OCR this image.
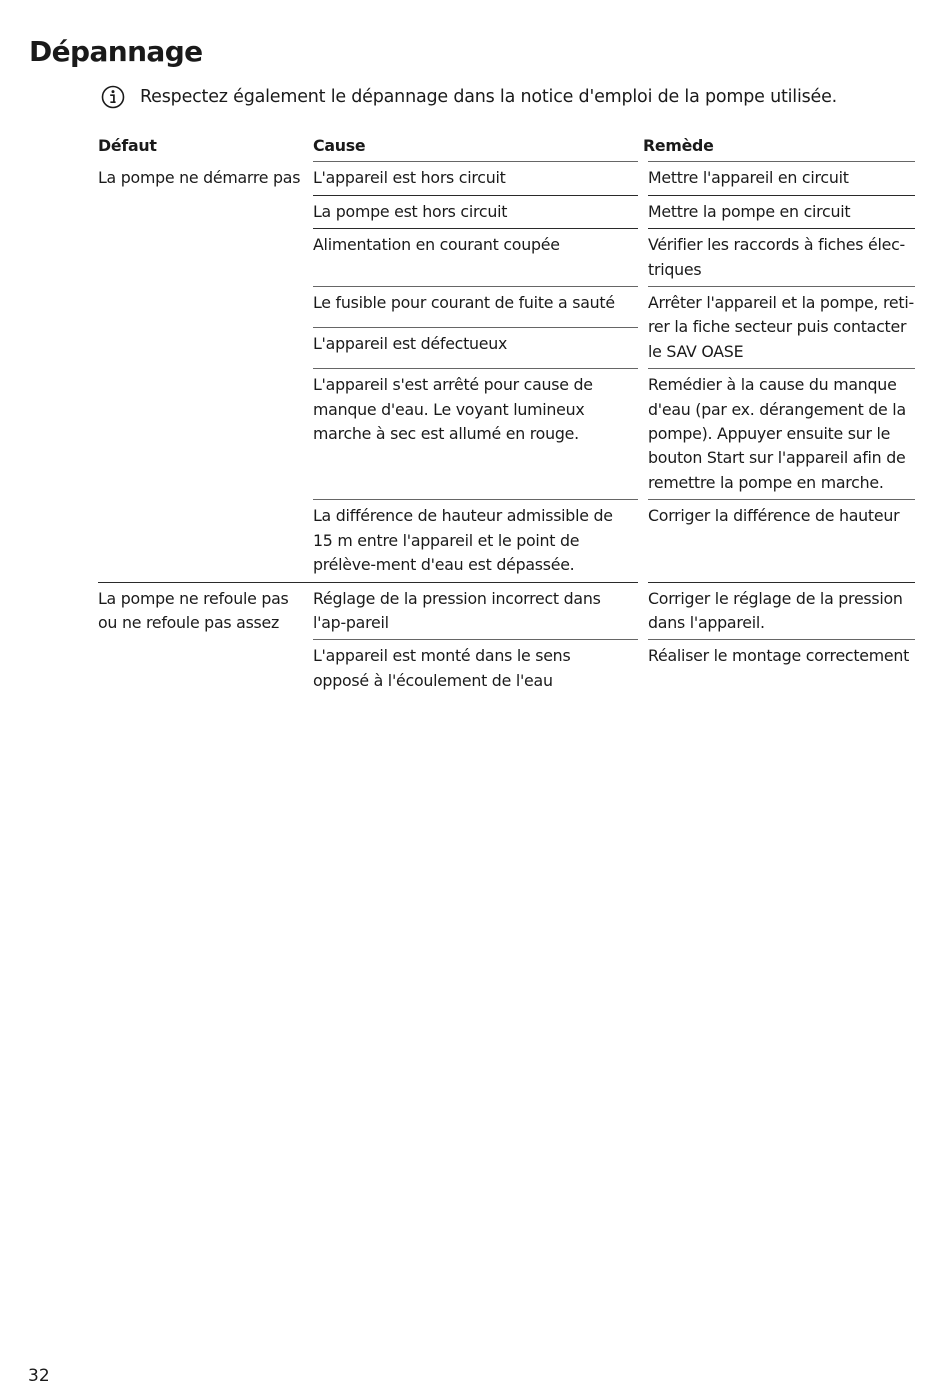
Dépannage
Respectez également le dépannage dans la notice d'emploi de la pompe utilisée.
Défaut	Cause	Remède
La pompe ne démarre pas	L'appareil est hors circuit	Mettre l'appareil en circuit
	La pompe est hors circuit	Mettre la pompe en circuit
	Alimentation en courant coupée	Vérifier les raccords à fiches élec-triques
	Le fusible pour courant de fuite a sauté	Arrêter l'appareil et la pompe, reti-rer la fiche secteur puis contacter le SAV OASE
	L'appareil est défectueux	
	L'appareil s'est arrêté pour cause de manque d'eau. Le voyant lumineux marche à sec est allumé en rouge.	Remédier à la cause du manque d'eau (par ex. dérangement de la pompe). Appuyer ensuite sur le bouton Start sur l'appareil afin de remettre la pompe en marche.
	La différence de hauteur admissible de 15 m entre l'appareil et le point de prélève-ment d'eau est dépassée.	Corriger la différence de hauteur
La pompe ne refoule pas ou ne refoule pas assez	Réglage de la pression incorrect dans l'ap-pareil	Corriger le réglage de la pression dans l'appareil.
	L'appareil est monté dans le sens opposé à l'écoulement de l'eau	Réaliser le montage correctement
32
